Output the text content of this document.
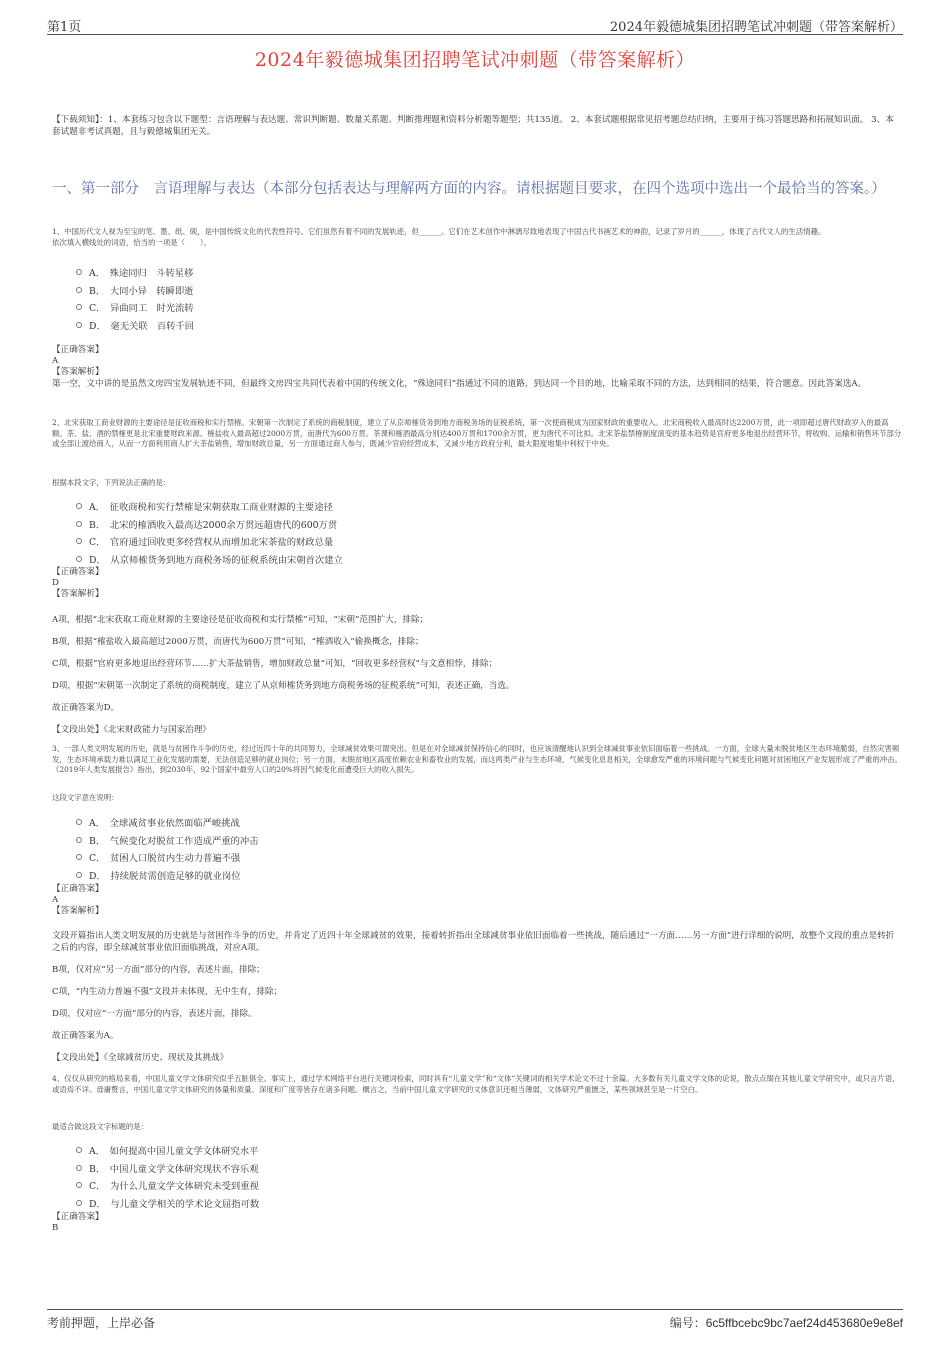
第1页	2024年毅德城集团招聘笔试冲刺题（带答案解析）
2024年毅德城集团招聘笔试冲刺题（带答案解析）
【下载须知】：1、本套练习包含以下题型：言语理解与表达题、常识判断题、数量关系题、判断推理题和资料分析题等题型；共135道。 2、本套试题根据常见招考题总结归纳，主要用于练习答题思路和拓展知识面。 3、本套试题非考试真题，且与毅德城集团无关。
一、第一部分　言语理解与表达（本部分包括表达与理解两方面的内容。请根据题目要求，在四个选项中选出一个最恰当的答案。）

1、中国历代文人视为至宝的笔、墨、纸、砚，是中国传统文化的代表性符号。它们虽然有着不同的发展轨迹，但______。它们在艺术创作中淋漓尽致地表现了中国古代书画艺术的神韵，记录了岁月的______，体现了古代文人的生活情趣。

依次填入横线处的词语，恰当的一项是（　　）。

A．　殊途同归　斗转星移
B．　大同小异　转瞬即逝
C．　异曲同工　时光流转
D．　毫无关联　百转千回
【正确答案】
A
【答案解析】
第一空，文中讲的是虽然文房四宝发展轨迹不同，但最终文房四宝共同代表着中国的传统文化，“殊途同归”指通过不同的道路，到达同一个目的地，比喻采取不同的方法，达到相同的结果，符合题意。因此答案选A。

2、北宋获取工商业财源的主要途径是征收商税和实行禁榷。宋朝第一次制定了系统的商税制度，建立了从京师榷货务到地方商税务场的征税系统，第一次使商税成为国家财政的重要收入。北宋商税收入最高时达2200万贯，此一项即超过唐代财政岁入的最高额。茶、盐、酒的禁榷更是北宋重要财政来源。榷盐收入最高超过2000万贯，而唐代为600万贯。茶课和榷酒最高分别达400万贯和1700余万贯，更为唐代不可比拟。北宋茶盐禁榷制度演变的基本趋势是官府更多地退出经营环节，将收购、运输和销售环节部分或全部让渡给商人，从而一方面利用商人扩大茶盐销售，增加财政总量，另一方面通过商人参与，既减少官府经营成本，又减少地方政府分利，最大限度地集中利权于中央。

根据本段文字，下列说法正确的是：

A．　征收商税和实行禁榷是宋朝获取工商业财源的主要途径
B．　北宋的榷酒收入最高达2000余万贯远超唐代的600万贯
C．　官府通过回收更多经营权从而增加北宋茶盐的财政总量
D．　从京师榷货务到地方商税务场的征税系统由宋朝首次建立
【正确答案】
D
【答案解析】
A项，根据“北宋获取工商业财源的主要途径是征收商税和实行禁榷”可知，“宋朝”范围扩大，排除；
B项，根据“榷盐收入最高超过2000万贯，而唐代为600万贯”可知，“榷酒收入”偷换概念，排除；
C项，根据“官府更多地退出经营环节……扩大茶盐销售，增加财政总量”可知，“回收更多经营权”与文意相悖，排除；
D项，根据“宋朝第一次制定了系统的商税制度，建立了从京师榷货务到地方商税务场的征税系统”可知，表述正确，当选。
故正确答案为D。
【文段出处】《北宋财政能力与国家治理》

3、一部人类文明发展的历史，就是与贫困作斗争的历史，经过近四十年的共同努力，全球减贫效果可谓突出。但是在对全球减贫保持信心的同时，也应该清醒地认识到全球减贫事业依旧面临着一些挑战。一方面，全球大量未脱贫地区生态环境脆弱，自然灾害频发，生态环境承载力难以满足工业化发展的需要，无法创造足够的就业岗位；另一方面，未脱贫地区高度依赖农业和畜牧业的发展，而这两类产业与生态环境、气候变化息息相关，全球愈发严重的环境问题与气候变化问题对贫困地区产业发展形成了严重的冲击。《2019年人类发展报告》指出，到2030年，92个国家中最穷人口的20%将因气候变化而遭受巨大的收入损失。

这段文字意在说明：

A．　全球减贫事业依然面临严峻挑战
B．　气候变化对脱贫工作造成严重的冲击
C．　贫困人口脱贫内生动力普遍不强
D．　持续脱贫需创造足够的就业岗位
【正确答案】
A
【答案解析】
文段开篇指出人类文明发展的历史就是与贫困作斗争的历史，并肯定了近四十年全球减贫的效果，接着转折指出全球减贫事业依旧面临着一些挑战，随后通过“一方面……另一方面”进行详细的说明，故整个文段的重点是转折之后的内容，即全球减贫事业依旧面临挑战，对应A项。
B项，仅对应“另一方面”部分的内容，表述片面，排除；
C项，“内生动力普遍不强”文段并未体现，无中生有，排除；
D项，仅对应“一方面”部分的内容，表述片面，排除。
故正确答案为A。
【文段出处】《全球减贫历史、现状及其挑战》

4、仅仅从研究的格局来看，中国儿童文学文体研究似乎五脏俱全。事实上，通过学术网络平台进行关键词检索，同时具有“儿童文学”和“文体”关键词的相关学术论文不过十余篇。大多数有关儿童文学文体的论说，散点点缀在其他儿童文学研究中，或只言片语，或语焉不详。毋庸赘言，中国儿童文学文体研究的体量和质量、深度和广度等皆存在诸多问题。概言之，当前中国儿童文学研究的文体意识还相当薄弱，文体研究严重匮乏，某些领域甚至是一片空白。

最适合做这段文字标题的是：

A．　如何提高中国儿童文学文体研究水平
B．　中国儿童文学文体研究现状不容乐观
C．　为什么儿童文学文体研究未受到重视
D．　与儿童文学相关的学术论文屈指可数
【正确答案】
B
考前押题，上岸必备	编号：6c5ffbcebc9bc7aef24d453680e9e8ef
